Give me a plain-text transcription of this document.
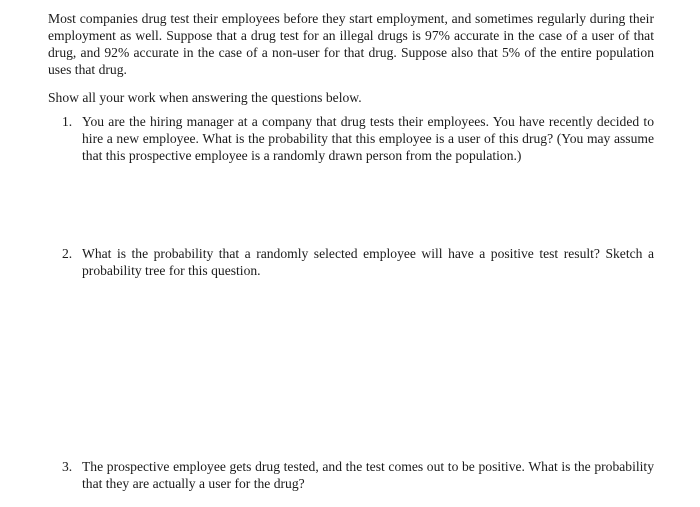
Most companies drug test their employees before they start employment, and sometimes regularly during their employment as well. Suppose that a drug test for an illegal drugs is 97% accurate in the case of a user of that drug, and 92% accurate in the case of a non-user for that drug. Suppose also that 5% of the entire population uses that drug.

Show all your work when answering the questions below.

1. You are the hiring manager at a company that drug tests their employees. You have recently decided to hire a new employee. What is the probability that this employee is a user of this drug? (You may assume that this prospective employee is a randomly drawn person from the population.)
2. What is the probability that a randomly selected employee will have a positive test result? Sketch a probability tree for this question.
3. The prospective employee gets drug tested, and the test comes out to be positive. What is the probability that they are actually a user for the drug?
